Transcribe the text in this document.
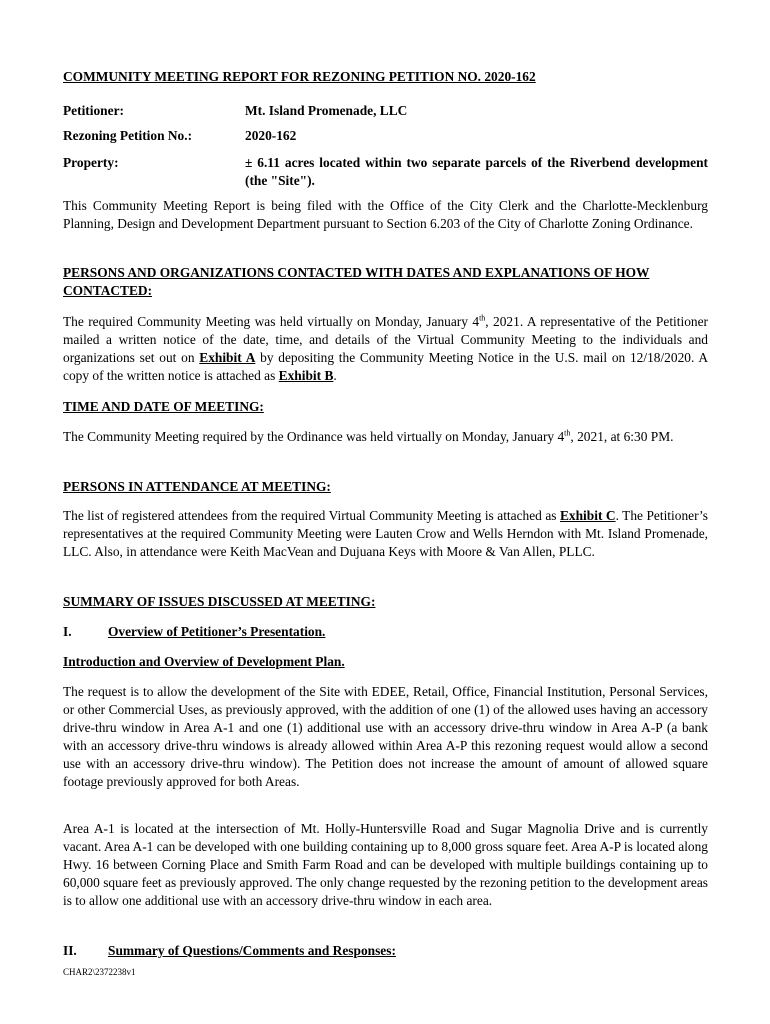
COMMUNITY MEETING REPORT FOR REZONING PETITION NO. 2020-162
Petitioner:	Mt. Island Promenade, LLC
Rezoning Petition No.:	2020-162
Property:	± 6.11 acres located within two separate parcels of the Riverbend development (the "Site").

This Community Meeting Report is being filed with the Office of the City Clerk and the Charlotte-Mecklenburg Planning, Design and Development Department pursuant to Section 6.203 of the City of Charlotte Zoning Ordinance.

PERSONS AND ORGANIZATIONS CONTACTED WITH DATES AND EXPLANATIONS OF HOW CONTACTED:

The required Community Meeting was held virtually on Monday, January 4th, 2021. A representative of the Petitioner mailed a written notice of the date, time, and details of the Virtual Community Meeting to the individuals and organizations set out on Exhibit A by depositing the Community Meeting Notice in the U.S. mail on 12/18/2020. A copy of the written notice is attached as Exhibit B.

TIME AND DATE OF MEETING:

The Community Meeting required by the Ordinance was held virtually on Monday, January 4th, 2021, at 6:30 PM.

PERSONS IN ATTENDANCE AT MEETING:

The list of registered attendees from the required Virtual Community Meeting is attached as Exhibit C. The Petitioner’s representatives at the required Community Meeting were Lauten Crow and Wells Herndon with Mt. Island Promenade, LLC. Also, in attendance were Keith MacVean and Dujuana Keys with Moore & Van Allen, PLLC.

SUMMARY OF ISSUES DISCUSSED AT MEETING:
I.	Overview of Petitioner’s Presentation.
Introduction and Overview of Development Plan.

The request is to allow the development of the Site with EDEE, Retail, Office, Financial Institution, Personal Services, or other Commercial Uses, as previously approved, with the addition of one (1) of the allowed uses having an accessory drive-thru window in Area A-1 and one (1) additional use with an accessory drive-thru window in Area A-P (a bank with an accessory drive-thru windows is already allowed within Area A-P this rezoning request would allow a second use with an accessory drive-thru window). The Petition does not increase the amount of amount of allowed square footage previously approved for both Areas.

Area A-1 is located at the intersection of Mt. Holly-Huntersville Road and Sugar Magnolia Drive and is currently vacant. Area A-1 can be developed with one building containing up to 8,000 gross square feet. Area A-P is located along Hwy. 16 between Corning Place and Smith Farm Road and can be developed with multiple buildings containing up to 60,000 square feet as previously approved. The only change requested by the rezoning petition to the development areas is to allow one additional use with an accessory drive-thru window in each area.

II. Summary of Questions/Comments and Responses:
CHAR2\2372238v1
